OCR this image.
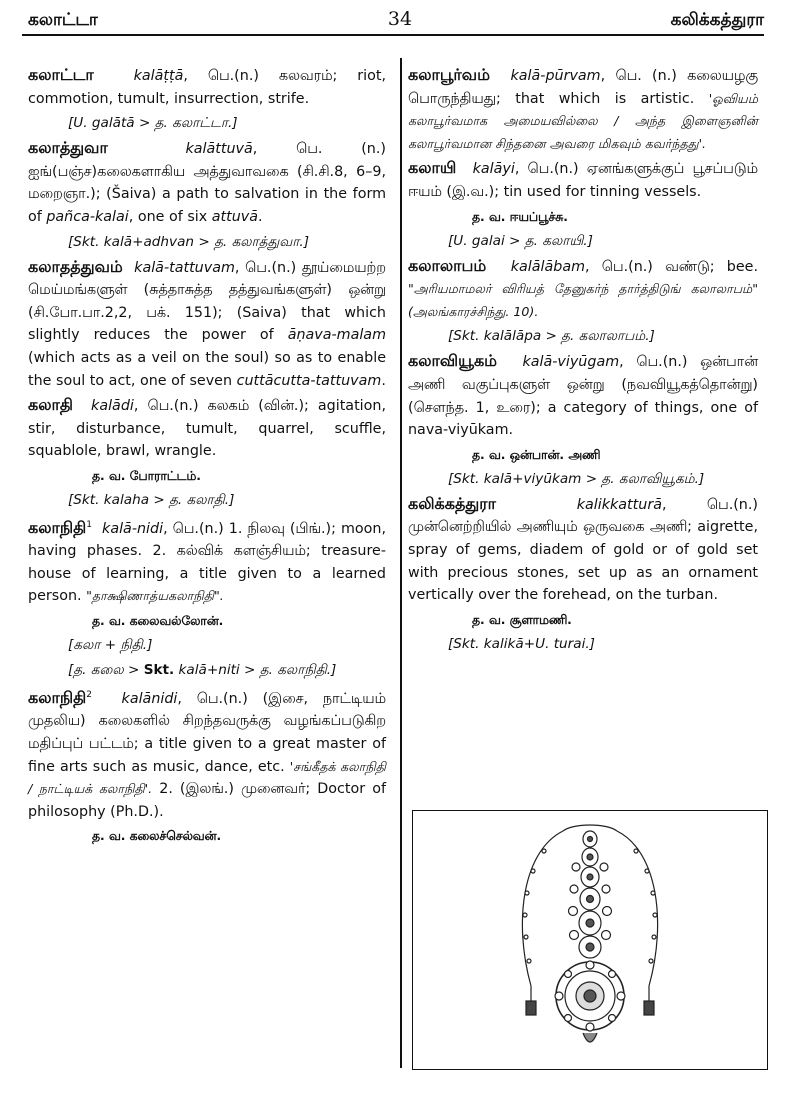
கலாட்டா	34	கலிக்கத்துரா

கலாட்டா	kalāṭṭā, பெ.(n.) கலவரம்; riot, commotion, tumult, insurrection, strife.

[U. galātā > த. கலாட்டா.]

கலாத்துவா	kalāttuvā, பெ. (n.) ஐங்(பஞ்ச)கலைகளாகிய அத்துவாவகை (சி.சி.8, 6–9, மறைஞா.); (Šaiva) a path to salvation in the form of pañca-kalai, one of six attuvā.

[Skt. kalā+adhvan > த. கலாத்துவா.]

கலாதத்துவம் kalā-tattuvam, பெ.(n.) தூய்மையற்ற மெய்மங்களுள் (சுத்தாசுத்த தத்துவங்களுள்) ஒன்று (சி.போ.பா.2,2, பக். 151); (Saiva) that which slightly reduces the power of āṇava-malam (which acts as a veil on the soul) so as to enable the soul to act, one of seven cuttācutta-tattuvam.

கலாதி kalādi, பெ.(n.) கலகம் (வின்.); agitation, stir, disturbance, tumult, quarrel, scuffle, squablole, brawl, wrangle.

த. வ. போராட்டம்.
[Skt. kalaha > த. கலாதி.]

கலாநிதி$^1$ kalā-nidi, பெ.(n.) 1. நிலவு (பிங்.); moon, having phases. 2. கல்விக் களஞ்சியம்; treasure-house of learning, a title given to a learned person. "தாக்ஷிணாத்யகலாநிதி".

த. வ. கலைவல்லோன்.
[கலா + நிதி.]
[த. கலை > Skt. kalā+niti > த. கலாநிதி.]

கலாநிதி$^2$ kalānidi, பெ.(n.) (இசை, நாட்டியம் முதலிய) கலைகளில் சிறந்தவருக்கு வழங்கப்படுகிற மதிப்புப் பட்டம்; a title given to a great master of fine arts such as music, dance, etc. 'சங்கீதக் கலாநிதி / நாட்டியக் கலாநிதி'. 2. (இலங்.) முனைவர்; Doctor of philosophy (Ph.D.).

த. வ. கலைச்செல்வன்.

கலாபூர்வம் kalā-pūrvam, பெ. (n.) கலையழகு பொருந்தியது; that which is artistic. 'ஓவியம் கலாபூர்வமாக அமையவில்லை / அந்த இளைஞனின் கலாபூர்வமான சிந்தனை அவரை மிகவும் கவர்ந்தது'.

கலாயி kalāyi, பெ.(n.) ஏனங்களுக்குப் பூசப்படும் ஈயம் (இ.வ.); tin used for tinning vessels.

த. வ. ஈயப்பூச்சு.
[U. galai > த. கலாயி.]

கலாலாபம் kalālābam, பெ.(n.) வண்டு; bee. "அரியமாமலர் விரியத் தேனுகர்ந் தார்த்திடுங் கலாலாபம்" (அலங்காரச்சிந்து. 10).

[Skt. kalālāpa > த. கலாலாபம்.]

கலாவியூகம் kalā-viyūgam, பெ.(n.) ஒன்பான் அணி வகுப்புகளுள் ஒன்று (நவவியூகத்தொன்று) (சௌந்த. 1, உரை); a category of things, one of nava-viyūkam.

த. வ. ஒன்பான். அணி
[Skt. kalā+viyūkam > த. கலாவியூகம்.]

கலிக்கத்துரா	kalikkatturā, பெ.(n.) முன்னெற்றியில் அணியும் ஒருவகை அணி; aigrette, spray of gems, diadem of gold or of gold set with precious stones, set up as an ornament vertically over the forehead, on the turban.

த. வ. சூளாமணி.
[Skt. kalikā+U. turai.]
